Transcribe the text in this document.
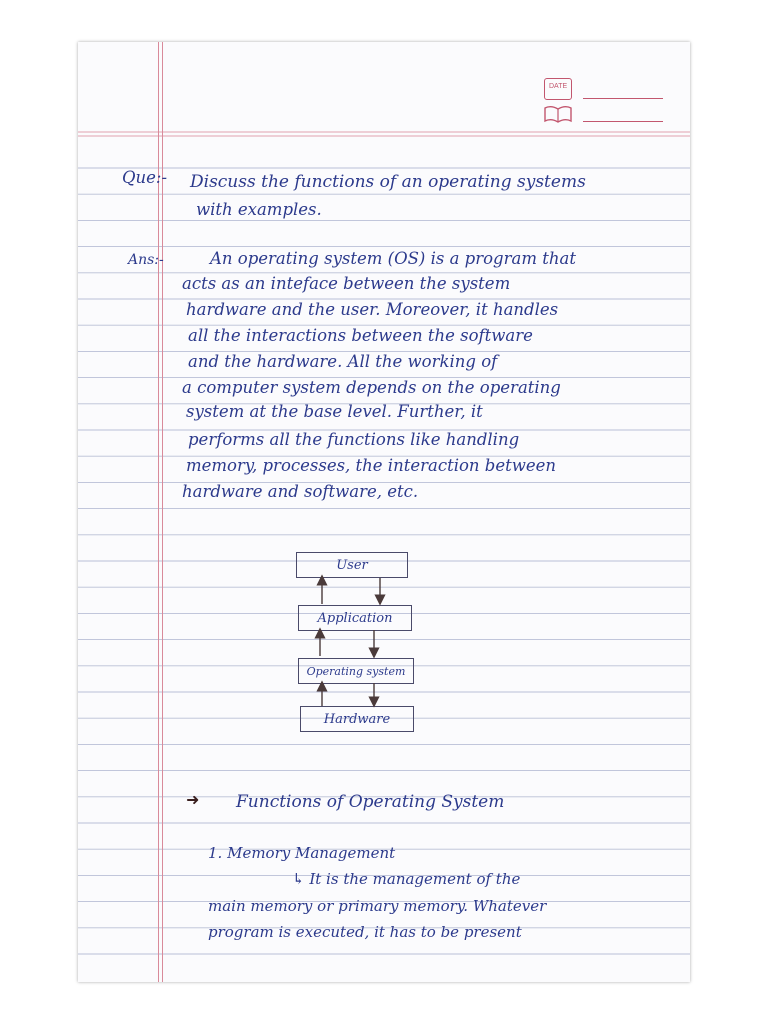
DATE
Que:- Discuss the functions of an operating systems
with examples.
Ans:-	An operating system (OS) is a program that
acts as an inteface between the system
hardware and the user. Moreover, it handles
all the interactions between the software
and the hardware. All the working of
a computer system depends on the operating
system at the base level. Further, it
performs all the functions like handling
memory, processes, the interaction between
hardware and software, etc.
User
Application
Operating system
Hardware
➜ Functions of Operating System
1. Memory Management
↳ It is the management of the
main memory or primary memory. Whatever
program is executed, it has to be present
